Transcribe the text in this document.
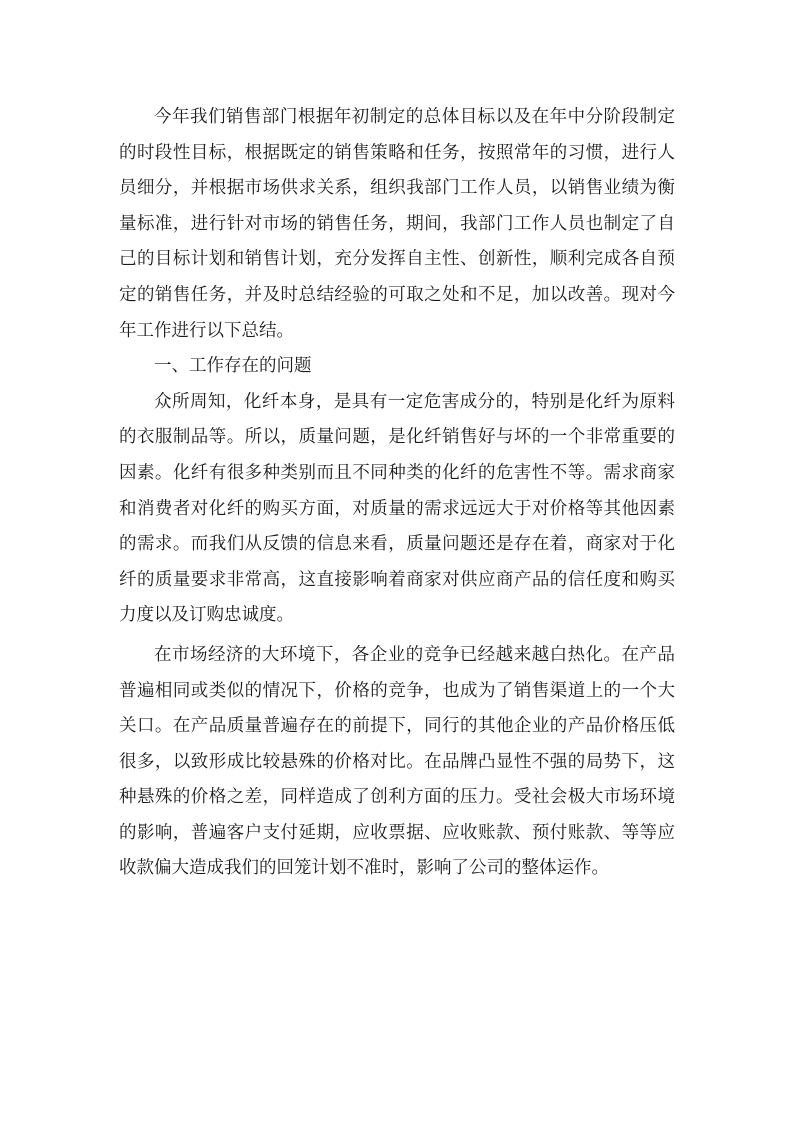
今年我们销售部门根据年初制定的总体目标以及在年中分阶段制定的时段性目标，根据既定的销售策略和任务，按照常年的习惯，进行人员细分，并根据市场供求关系，组织我部门工作人员，以销售业绩为衡量标准，进行针对市场的销售任务，期间，我部门工作人员也制定了自己的目标计划和销售计划，充分发挥自主性、创新性，顺利完成各自预定的销售任务，并及时总结经验的可取之处和不足，加以改善。现对今年工作进行以下总结。

一、工作存在的问题

众所周知，化纤本身，是具有一定危害成分的，特别是化纤为原料的衣服制品等。所以，质量问题，是化纤销售好与坏的一个非常重要的因素。化纤有很多种类别而且不同种类的化纤的危害性不等。需求商家和消费者对化纤的购买方面，对质量的需求远远大于对价格等其他因素的需求。而我们从反馈的信息来看，质量问题还是存在着，商家对于化纤的质量要求非常高，这直接影响着商家对供应商产品的信任度和购买力度以及订购忠诚度。

在市场经济的大环境下，各企业的竞争已经越来越白热化。在产品普遍相同或类似的情况下，价格的竞争，也成为了销售渠道上的一个大关口。在产品质量普遍存在的前提下，同行的其他企业的产品价格压低很多，以致形成比较悬殊的价格对比。在品牌凸显性不强的局势下，这种悬殊的价格之差，同样造成了创利方面的压力。受社会极大市场环境的影响，普遍客户支付延期，应收票据、应收账款、预付账款、等等应收款偏大造成我们的回笼计划不准时，影响了公司的整体运作。
